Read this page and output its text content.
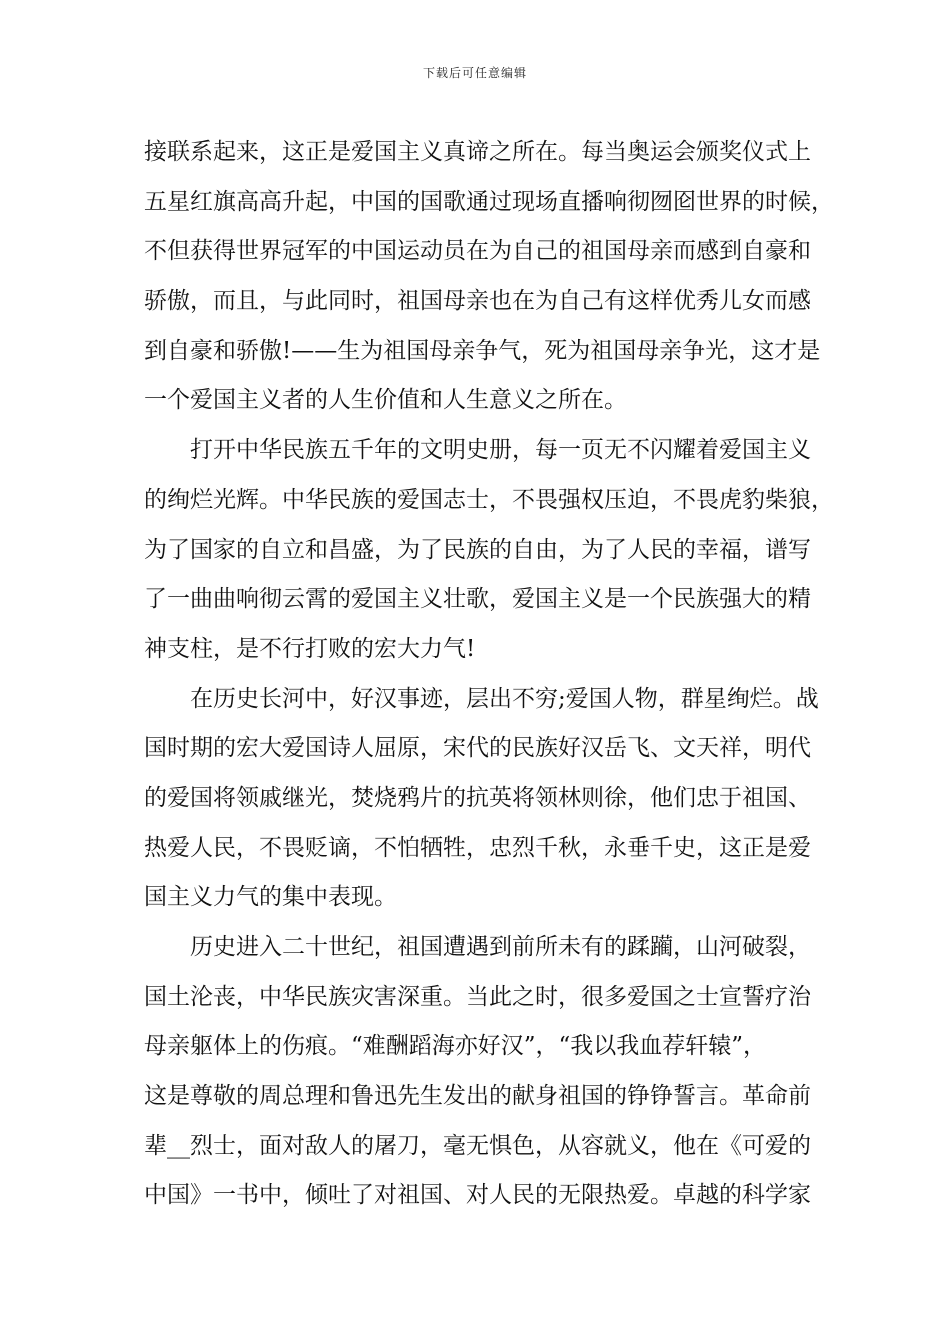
下载后可任意编辑
接联系起来，这正是爱国主义真谛之所在。每当奥运会颁奖仪式上
五星红旗高高升起，中国的国歌通过现场直播响彻囫囵世界的时候，
不但获得世界冠军的中国运动员在为自己的祖国母亲而感到自豪和
骄傲，而且，与此同时，祖国母亲也在为自己有这样优秀儿女而感
到自豪和骄傲!——生为祖国母亲争气，死为祖国母亲争光，这才是
一个爱国主义者的人生价值和人生意义之所在。
打开中华民族五千年的文明史册，每一页无不闪耀着爱国主义
的绚烂光辉。中华民族的爱国志士，不畏强权压迫，不畏虎豹柴狼，
为了国家的自立和昌盛，为了民族的自由，为了人民的幸福，谱写
了一曲曲响彻云霄的爱国主义壮歌，爱国主义是一个民族强大的精
神支柱，是不行打败的宏大力气!
在历史长河中，好汉事迹，层出不穷;爱国人物，群星绚烂。战
国时期的宏大爱国诗人屈原，宋代的民族好汉岳飞、文天祥，明代
的爱国将领戚继光，焚烧鸦片的抗英将领林则徐，他们忠于祖国、
热爱人民，不畏贬谪，不怕牺牲，忠烈千秋，永垂千史，这正是爱
国主义力气的集中表现。
历史进入二十世纪，祖国遭遇到前所未有的蹂躏，山河破裂，
国土沦丧，中华民族灾害深重。当此之时，很多爱国之士宣誓疗治
母亲躯体上的伤痕。“难酬蹈海亦好汉”，“我以我血荐轩辕”，
这是尊敬的周总理和鲁迅先生发出的献身祖国的铮铮誓言。革命前
辈__烈士，面对敌人的屠刀，毫无惧色，从容就义，他在《可爱的
中国》一书中，倾吐了对祖国、对人民的无限热爱。卓越的科学家
